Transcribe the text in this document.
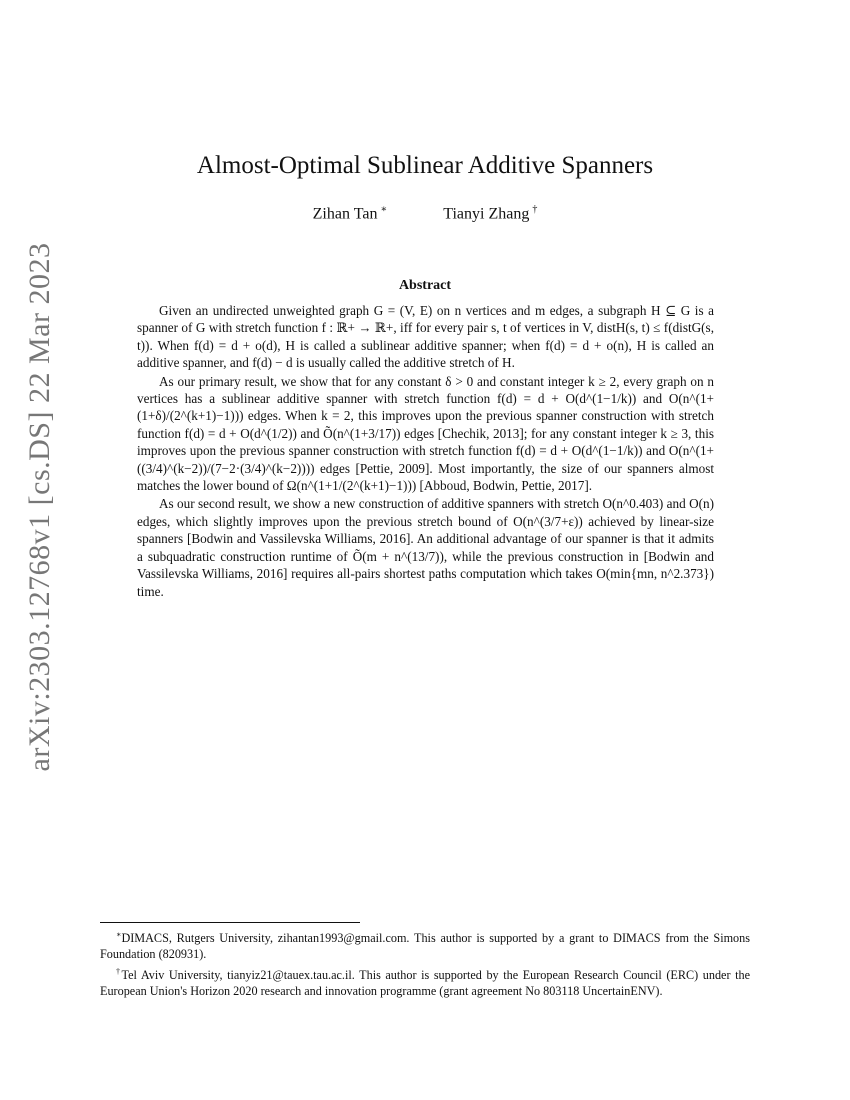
arXiv:2303.12768v1 [cs.DS] 22 Mar 2023
Almost-Optimal Sublinear Additive Spanners
Zihan Tan ∗	Tianyi Zhang †
Abstract

Given an undirected unweighted graph G = (V, E) on n vertices and m edges, a subgraph H ⊆ G is a spanner of G with stretch function f : ℝ+ → ℝ+, iff for every pair s, t of vertices in V, distH(s, t) ≤ f(distG(s, t)). When f(d) = d + o(d), H is called a sublinear additive spanner; when f(d) = d + o(n), H is called an additive spanner, and f(d) − d is usually called the additive stretch of H.

As our primary result, we show that for any constant δ > 0 and constant integer k ≥ 2, every graph on n vertices has a sublinear additive spanner with stretch function f(d) = d + O(d^(1−1/k)) and O(n^(1+(1+δ)/(2^(k+1)−1))) edges. When k = 2, this improves upon the previous spanner construction with stretch function f(d) = d + O(d^(1/2)) and Õ(n^(1+3/17)) edges [Chechik, 2013]; for any constant integer k ≥ 3, this improves upon the previous spanner construction with stretch function f(d) = d + O(d^(1−1/k)) and O(n^(1+((3/4)^(k−2))/(7−2·(3/4)^(k−2)))) edges [Pettie, 2009]. Most importantly, the size of our spanners almost matches the lower bound of Ω(n^(1+1/(2^(k+1)−1))) [Abboud, Bodwin, Pettie, 2017].

As our second result, we show a new construction of additive spanners with stretch O(n^0.403) and O(n) edges, which slightly improves upon the previous stretch bound of O(n^(3/7+ε)) achieved by linear-size spanners [Bodwin and Vassilevska Williams, 2016]. An additional advantage of our spanner is that it admits a subquadratic construction runtime of Õ(m + n^(13/7)), while the previous construction in [Bodwin and Vassilevska Williams, 2016] requires all-pairs shortest paths computation which takes O(min{mn, n^2.373}) time.

∗DIMACS, Rutgers University, zihantan1993@gmail.com. This author is supported by a grant to DIMACS from the Simons Foundation (820931).

†Tel Aviv University, tianyiz21@tauex.tau.ac.il. This author is supported by the European Research Council (ERC) under the European Union's Horizon 2020 research and innovation programme (grant agreement No 803118 UncertainENV).
